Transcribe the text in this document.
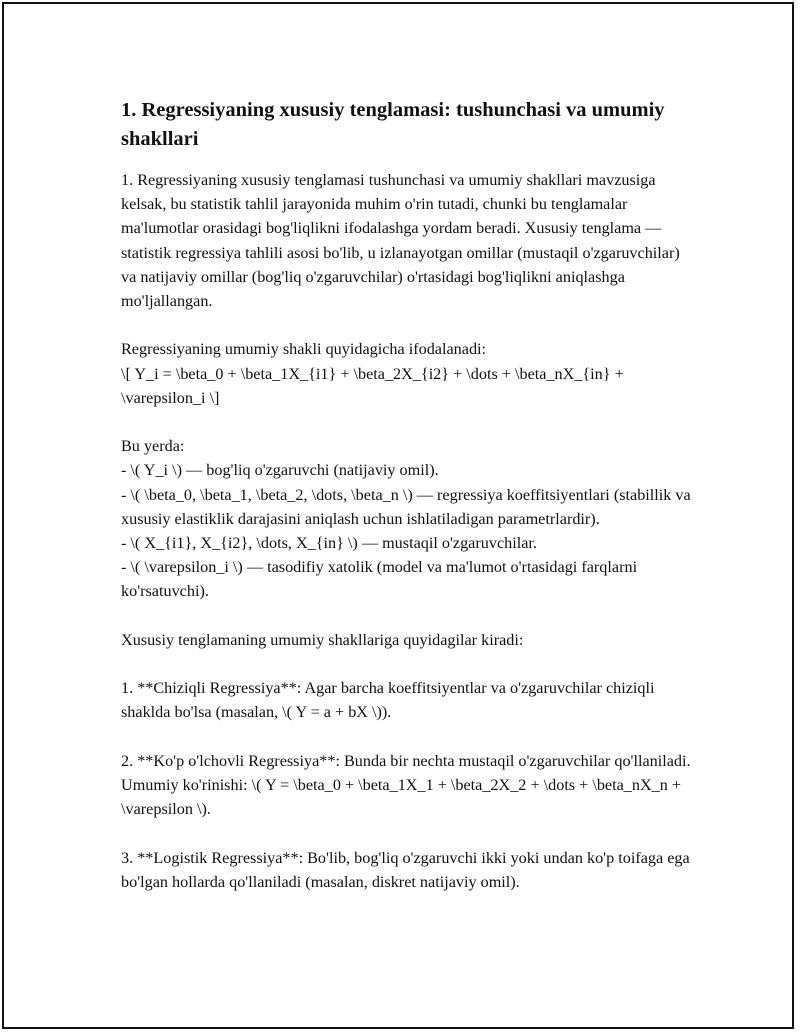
1. Regressiyaning xususiy tenglamasi: tushunchasi va umumiy shakllari

1. Regressiyaning xususiy tenglamasi tushunchasi va umumiy shakllari mavzusiga kelsak, bu statistik tahlil jarayonida muhim o'rin tutadi, chunki bu tenglamalar ma'lumotlar orasidagi bog'liqlikni ifodalashga yordam beradi. Xususiy tenglama — statistik regressiya tahlili asosi bo'lib, u izlanayotgan omillar (mustaqil o'zgaruvchilar) va natijaviy omillar (bog'liq o'zgaruvchilar) o'rtasidagi bog'liqlikni aniqlashga mo'ljallangan.

Regressiyaning umumiy shakli quyidagicha ifodalanadi:

\[ Y_i = \beta_0 + \beta_1X_{i1} + \beta_2X_{i2} + \dots + \beta_nX_{in} + \varepsilon_i \]

Bu yerda:

- \( Y_i \) — bog'liq o'zgaruvchi (natijaviy omil).

- \( \beta_0, \beta_1, \beta_2, \dots, \beta_n \) — regressiya koeffitsiyentlari (stabillik va xususiy elastiklik darajasini aniqlash uchun ishlatiladigan parametrlardir).

- \( X_{i1}, X_{i2}, \dots, X_{in} \) — mustaqil o'zgaruvchilar.

- \( \varepsilon_i \) — tasodifiy xatolik (model va ma'lumot o'rtasidagi farqlarni ko'rsatuvchi).

Xususiy tenglamaning umumiy shakllariga quyidagilar kiradi:

1. **Chiziqli Regressiya**: Agar barcha koeffitsiyentlar va o'zgaruvchilar chiziqli shaklda bo'lsa (masalan, \( Y = a + bX \)).

2. **Ko'p o'lchovli Regressiya**: Bunda bir nechta mustaqil o'zgaruvchilar qo'llaniladi. Umumiy ko'rinishi: \( Y = \beta_0 + \beta_1X_1 + \beta_2X_2 + \dots + \beta_nX_n + \varepsilon \).

3. **Logistik Regressiya**: Bo'lib, bog'liq o'zgaruvchi ikki yoki undan ko'p toifaga ega bo'lgan hollarda qo'llaniladi (masalan, diskret natijaviy omil).
